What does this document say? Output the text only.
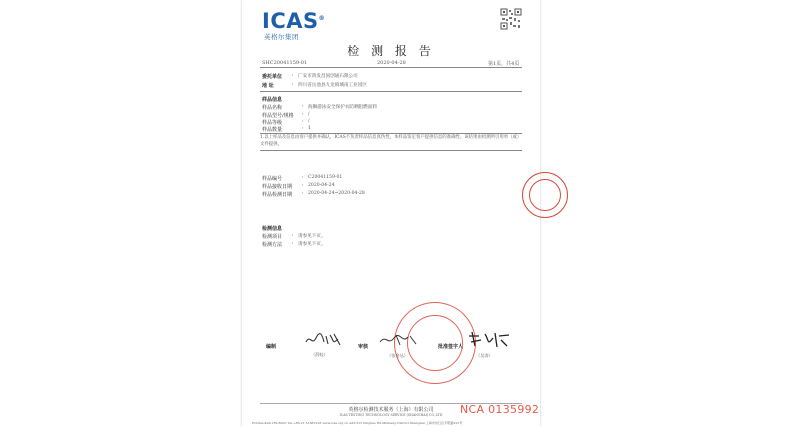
ICAS®
英格尔集团
检 测 报 告
SHC20041159-01	2020-04-28	第1页，共4页
委托单位 : 广安市鸿发昌国创通石限公司
地 址	: 四川省岳池县九龙镇城南工业园区
样品信息
样品名称	: 海狮游泳安全保护衣防晒阻燃面料
样品型号/规格 : /
样品等级	: /
样品数量	: 1
1.以上样品及信息由客户提供并确认，ICAS不负责样品信息真伪性，本样品鉴定客户提供信息的准确性。该结果由检测所引用单（或）文件提供。
样品编号	: C20041159-01
样品接收日期 : 2020-04-24
样品检测日期 : 2020-04-24~2020-04-28
检测信息
检测项目 : 请参见下页。
检测方法 : 请参见下页。
编制
（薛蛟）
审核
（张金丛）
批准签字人
（吴涛）
英格尔检测技术服务（上海）有限公司
ICAS TESTING TECHNOLOGY SERVICE (SHANGHAI) CO.,LTD
Hotline:400-182-8005 Tel:+86-21-51681918 www.icas.org.cn Add:915 Pingliao Rd,Minhang District,Shanghai 上海市闵行区平阳路915号
NCA 0135992
